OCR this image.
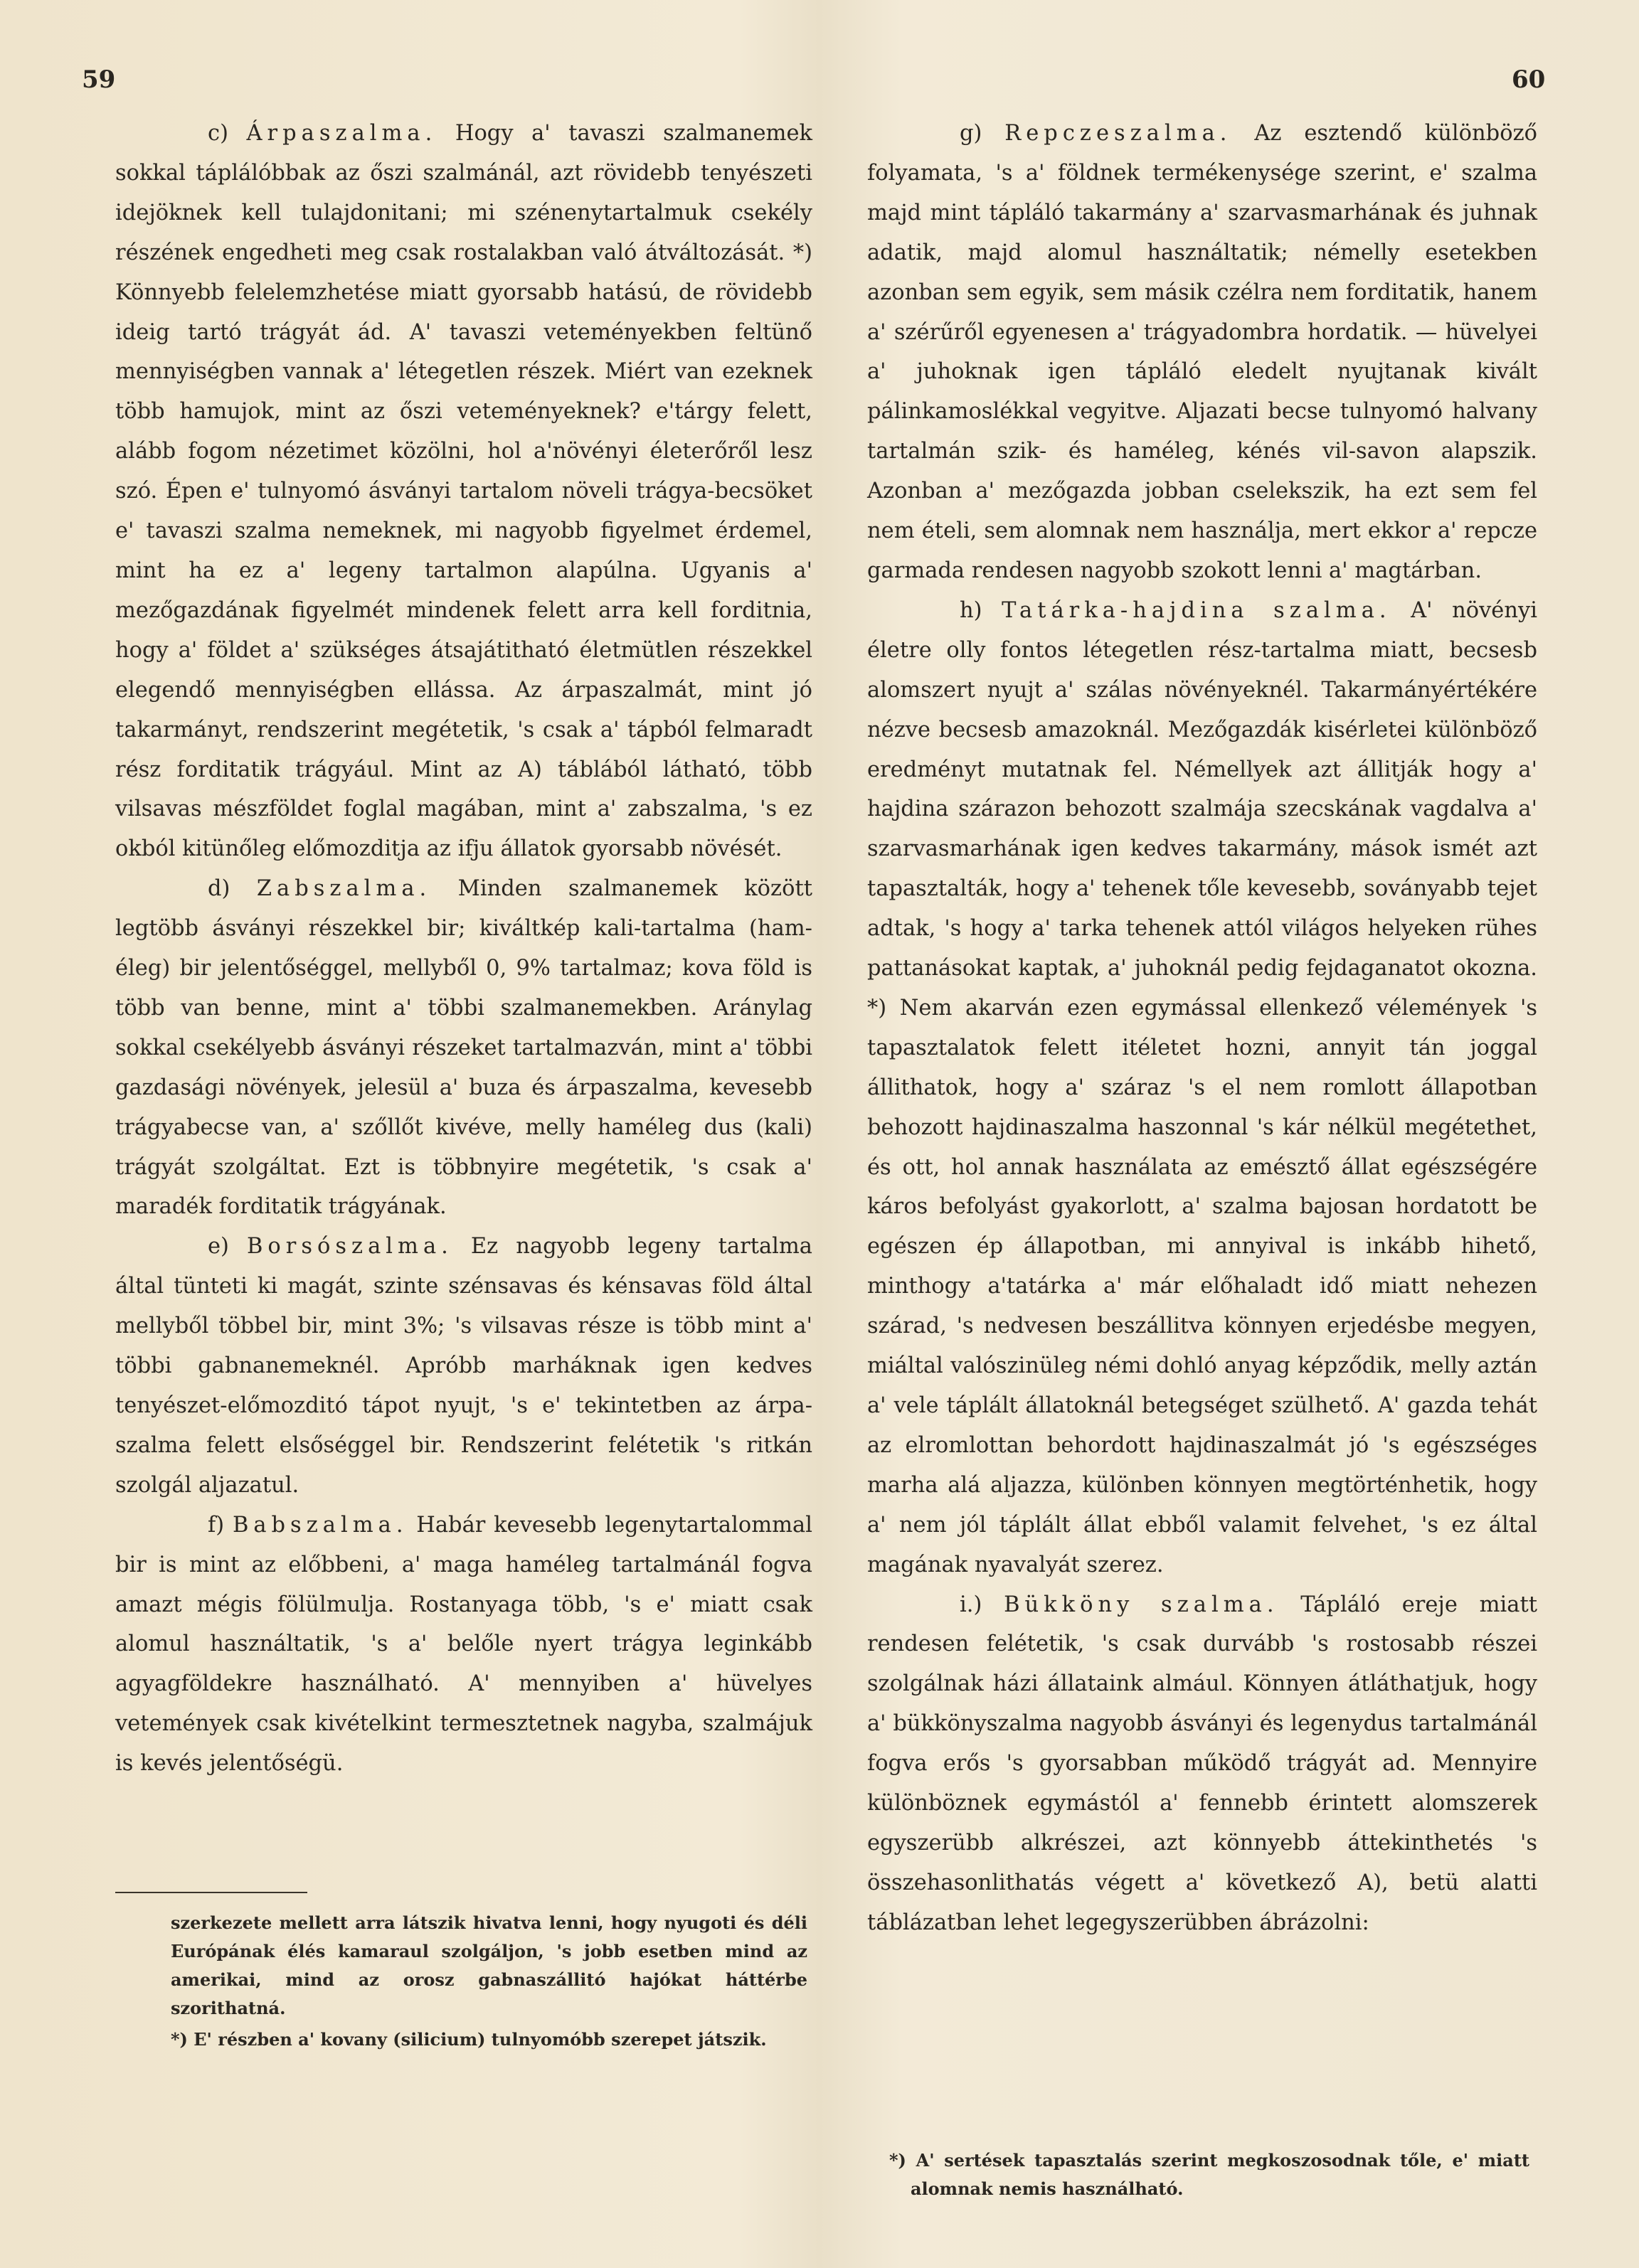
59	60

c) Árpaszalma. Hogy a' tavaszi szalmanemek sokkal táplálóbbak az őszi szalmánál, azt rövidebb tenyészeti idejöknek kell tulajdonitani; mi szénenytartalmuk csekély részének engedheti meg csak rostalakban való átváltozását. *) Könnyebb felelemzhetése miatt gyorsabb hatású, de rövidebb ideig tartó trágyát ád. A' tavaszi veteményekben feltünő mennyiségben vannak a' létegetlen részek. Miért van ezeknek több hamujok, mint az őszi veteményeknek? e'tárgy felett, alább fogom nézetimet közölni, hol a'növényi életerőről lesz szó. Épen e' tulnyomó ásványi tartalom növeli trágya-becsöket e' tavaszi szalma nemeknek, mi nagyobb figyelmet érdemel, mint ha ez a' legeny tartalmon alapúlna. Ugyanis a' mezőgazdának figyelmét mindenek felett arra kell forditnia, hogy a' földet a' szükséges átsajátitható életmütlen részekkel elegendő mennyiségben ellássa. Az árpaszalmát, mint jó takarmányt, rendszerint megétetik, 's csak a' tápból felmaradt rész forditatik trágyául. Mint az A) táblából látható, több vilsavas mészföldet foglal magában, mint a' zabszalma, 's ez okból kitünőleg előmozditja az ifju állatok gyorsabb növését.

d) Zabszalma. Minden szalmanemek között legtöbb ásványi részekkel bir; kiváltkép kali-tartalma (ham-éleg) bir jelentőséggel, mellyből 0, 9% tartalmaz; kova föld is több van benne, mint a' többi szalmanemekben. Aránylag sokkal csekélyebb ásványi részeket tartalmazván, mint a' többi gazdasági növények, jelesül a' buza és árpaszalma, kevesebb trágyabecse van, a' szőllőt kivéve, melly haméleg dus (kali) trágyát szolgáltat. Ezt is többnyire megétetik, 's csak a' maradék forditatik trágyának.

e) Borsószalma. Ez nagyobb legeny tartalma által tünteti ki magát, szinte szénsavas és kénsavas föld által mellyből többel bir, mint 3%; 's vilsavas része is több mint a' többi gabnanemeknél. Apróbb marháknak igen kedves tenyészet-előmozditó tápot nyujt, 's e' tekintetben az árpa-szalma felett elsőséggel bir. Rendszerint felétetik 's ritkán szolgál aljazatul.

f) Babszalma. Habár kevesebb legenytartalommal bir is mint az előbbeni, a' maga haméleg tartalmánál fogva amazt mégis fölülmulja. Rostanyaga több, 's e' miatt csak alomul használtatik, 's a' belőle nyert trágya leginkább agyagföldekre használható. A' mennyiben a' hüvelyes vetemények csak kivételkint termesztetnek nagyba, szalmájuk is kevés jelentőségü.

szerkezete mellett arra látszik hivatva lenni, hogy nyugoti és déli Európának élés kamaraul szolgáljon, 's jobb esetben mind az amerikai, mind az orosz gabnaszállitó hajókat háttérbe szorithatná.

*) E' részben a' kovany (silicium) tulnyomóbb szerepet játszik.

g) Repczeszalma. Az esztendő különböző folyamata, 's a' földnek termékenysége szerint, e' szalma majd mint tápláló takarmány a' szarvasmarhának és juhnak adatik, majd alomul használtatik; némelly esetekben azonban sem egyik, sem másik czélra nem forditatik, hanem a' szérűről egyenesen a' trágyadombra hordatik. — hüvelyei a' juhoknak igen tápláló eledelt nyujtanak kivált pálinkamoslékkal vegyitve. Aljazati becse tulnyomó halvany tartalmán szik- és haméleg, kénés vil-savon alapszik. Azonban a' mezőgazda jobban cselekszik, ha ezt sem fel nem ételi, sem alomnak nem használja, mert ekkor a' repcze garmada rendesen nagyobb szokott lenni a' magtárban.

h) Tatárka-hajdina szalma. A' növényi életre olly fontos létegetlen rész-tartalma miatt, becsesb alomszert nyujt a' szálas növényeknél. Takarmányértékére nézve becsesb amazoknál. Mezőgazdák kisérletei különböző eredményt mutatnak fel. Némellyek azt állitják hogy a' hajdina szárazon behozott szalmája szecskának vagdalva a' szarvasmarhának igen kedves takarmány, mások ismét azt tapasztalták, hogy a' tehenek tőle kevesebb, soványabb tejet adtak, 's hogy a' tarka tehenek attól világos helyeken rühes pattanásokat kaptak, a' juhoknál pedig fejdaganatot okozna. *) Nem akarván ezen egymással ellenkező vélemények 's tapasztalatok felett itéletet hozni, annyit tán joggal állithatok, hogy a' száraz 's el nem romlott állapotban behozott hajdinaszalma haszonnal 's kár nélkül megétethet, és ott, hol annak használata az emésztő állat egészségére káros befolyást gyakorlott, a' szalma bajosan hordatott be egészen ép állapotban, mi annyival is inkább hihető, minthogy a'tatárka a' már előhaladt idő miatt nehezen szárad, 's nedvesen beszállitva könnyen erjedésbe megyen, miáltal valószinüleg némi dohló anyag képződik, melly aztán a' vele táplált állatoknál betegséget szülhető. A' gazda tehát az elromlottan behordott hajdinaszalmát jó 's egészséges marha alá aljazza, különben könnyen megtörténhetik, hogy a' nem jól táplált állat ebből valamit felvehet, 's ez által magának nyavalyát szerez.

i.) Bükköny szalma. Tápláló ereje miatt rendesen felétetik, 's csak durvább 's rostosabb részei szolgálnak házi állataink almául. Könnyen átláthatjuk, hogy a' bükkönyszalma nagyobb ásványi és legenydus tartalmánál fogva erős 's gyorsabban működő trágyát ad. Mennyire különböznek egymástól a' fennebb érintett alomszerek egyszerübb alkrészei, azt könnyebb áttekinthetés 's összehasonlithatás végett a' következő A), betü alatti táblázatban lehet legegyszerübben ábrázolni:

*) A' sertések tapasztalás szerint megkoszosodnak tőle, e' miatt alomnak nemis használható.
